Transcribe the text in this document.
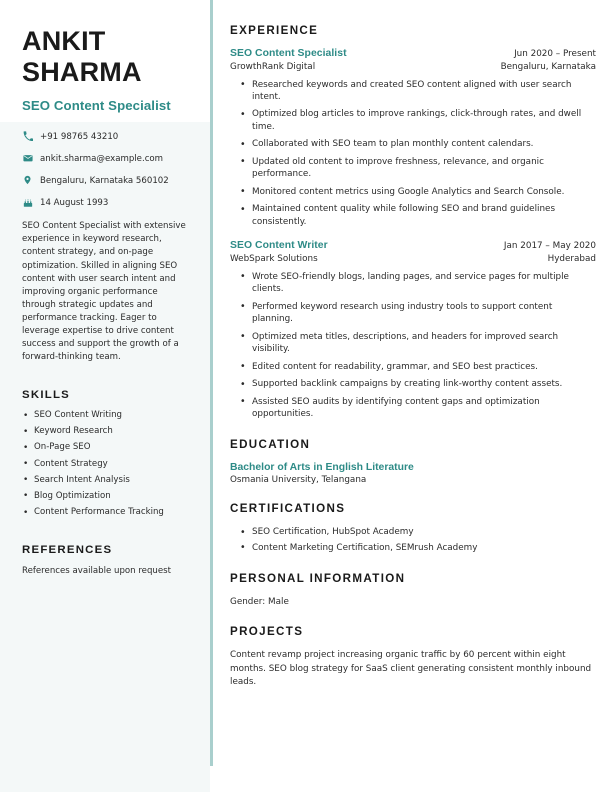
ANKIT SHARMA
SEO Content Specialist
+91 98765 43210
ankit.sharma@example.com
Bengaluru, Karnataka 560102
14 August 1993

SEO Content Specialist with extensive experience in keyword research, content strategy, and on-page optimization. Skilled in aligning SEO content with user search intent and improving organic performance through strategic updates and performance tracking. Eager to leverage expertise to drive content success and support the growth of a forward-thinking team.

SKILLS
• SEO Content Writing
• Keyword Research
• On-Page SEO
• Content Strategy
• Search Intent Analysis
• Blog Optimization
• Content Performance Tracking
REFERENCES

References available upon request

EXPERIENCE
SEO Content Specialist	Jun 2020 – Present
GrowthRank Digital	Bengaluru, Karnataka
• Researched keywords and created SEO content aligned with user search intent.
• Optimized blog articles to improve rankings, click-through rates, and dwell time.
• Collaborated with SEO team to plan monthly content calendars.
• Updated old content to improve freshness, relevance, and organic performance.
• Monitored content metrics using Google Analytics and Search Console.
• Maintained content quality while following SEO and brand guidelines consistently.
SEO Content Writer	Jan 2017 – May 2020
WebSpark Solutions	Hyderabad
• Wrote SEO-friendly blogs, landing pages, and service pages for multiple clients.
• Performed keyword research using industry tools to support content planning.
• Optimized meta titles, descriptions, and headers for improved search visibility.
• Edited content for readability, grammar, and SEO best practices.
• Supported backlink campaigns by creating link-worthy content assets.
• Assisted SEO audits by identifying content gaps and optimization opportunities.
EDUCATION
Bachelor of Arts in English Literature
Osmania University, Telangana
CERTIFICATIONS
• SEO Certification, HubSpot Academy
• Content Marketing Certification, SEMrush Academy
PERSONAL INFORMATION

Gender: Male

PROJECTS

Content revamp project increasing organic traffic by 60 percent within eight months. SEO blog strategy for SaaS client generating consistent monthly inbound leads.
